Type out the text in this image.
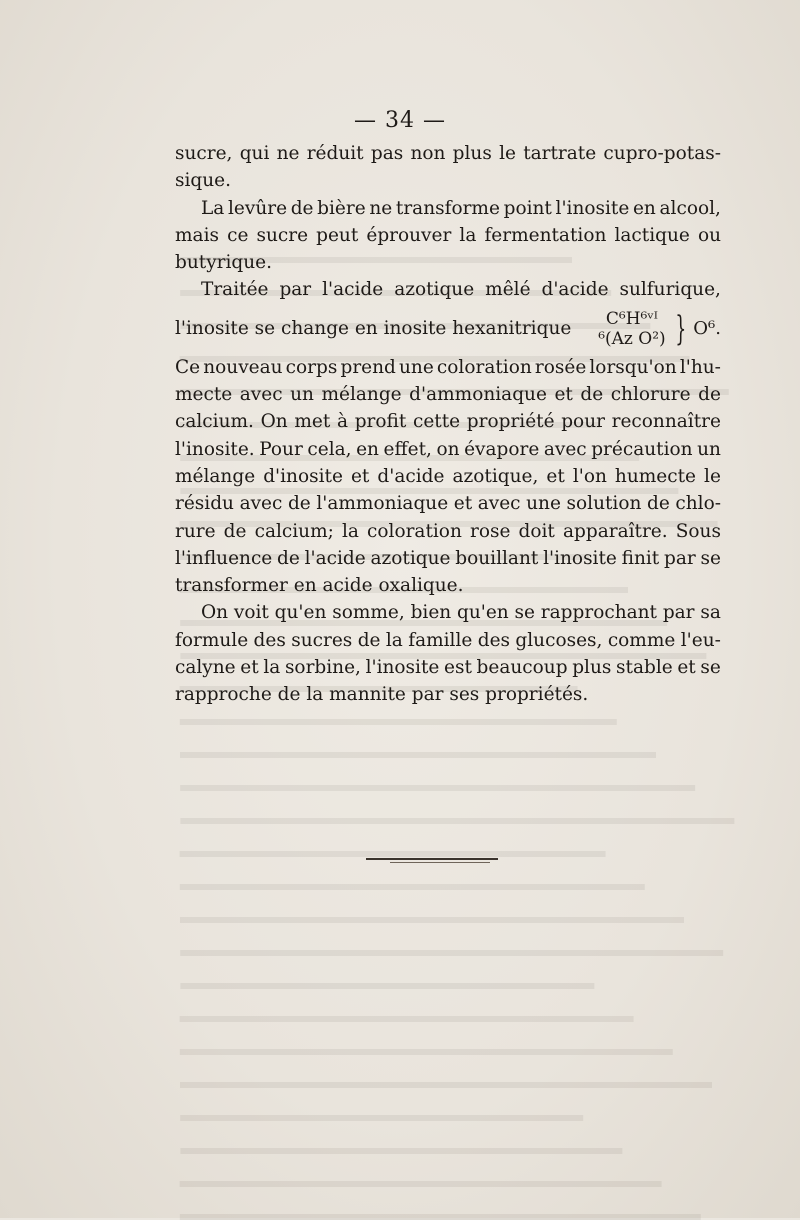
— 34 —
sucre, qui ne réduit pas non plus le tartrate cupro-potas-
sique.
La levûre de bière ne transforme point l'inosite en alcool,
mais ce sucre peut éprouver la fermentation lactique ou
butyrique.
Traitée par l'acide azotique mêlé d'acide sulfurique,
l'inosite se change en inosite hexanitrique C⁶H⁶ᵛᴵ
⁶(Az O²) } O⁶.
Ce nouveau corps prend une coloration rosée lorsqu'on l'hu-
mecte avec un mélange d'ammoniaque et de chlorure de
calcium. On met à profit cette propriété pour reconnaître
l'inosite. Pour cela, en effet, on évapore avec précaution un
mélange d'inosite et d'acide azotique, et l'on humecte le
résidu avec de l'ammoniaque et avec une solution de chlo-
rure de calcium; la coloration rose doit apparaître. Sous
l'influence de l'acide azotique bouillant l'inosite finit par se
transformer en acide oxalique.
On voit qu'en somme, bien qu'en se rapprochant par sa
formule des sucres de la famille des glucoses, comme l'eu-
calyne et la sorbine, l'inosite est beaucoup plus stable et se
rapproche de la mannite par ses propriétés.
